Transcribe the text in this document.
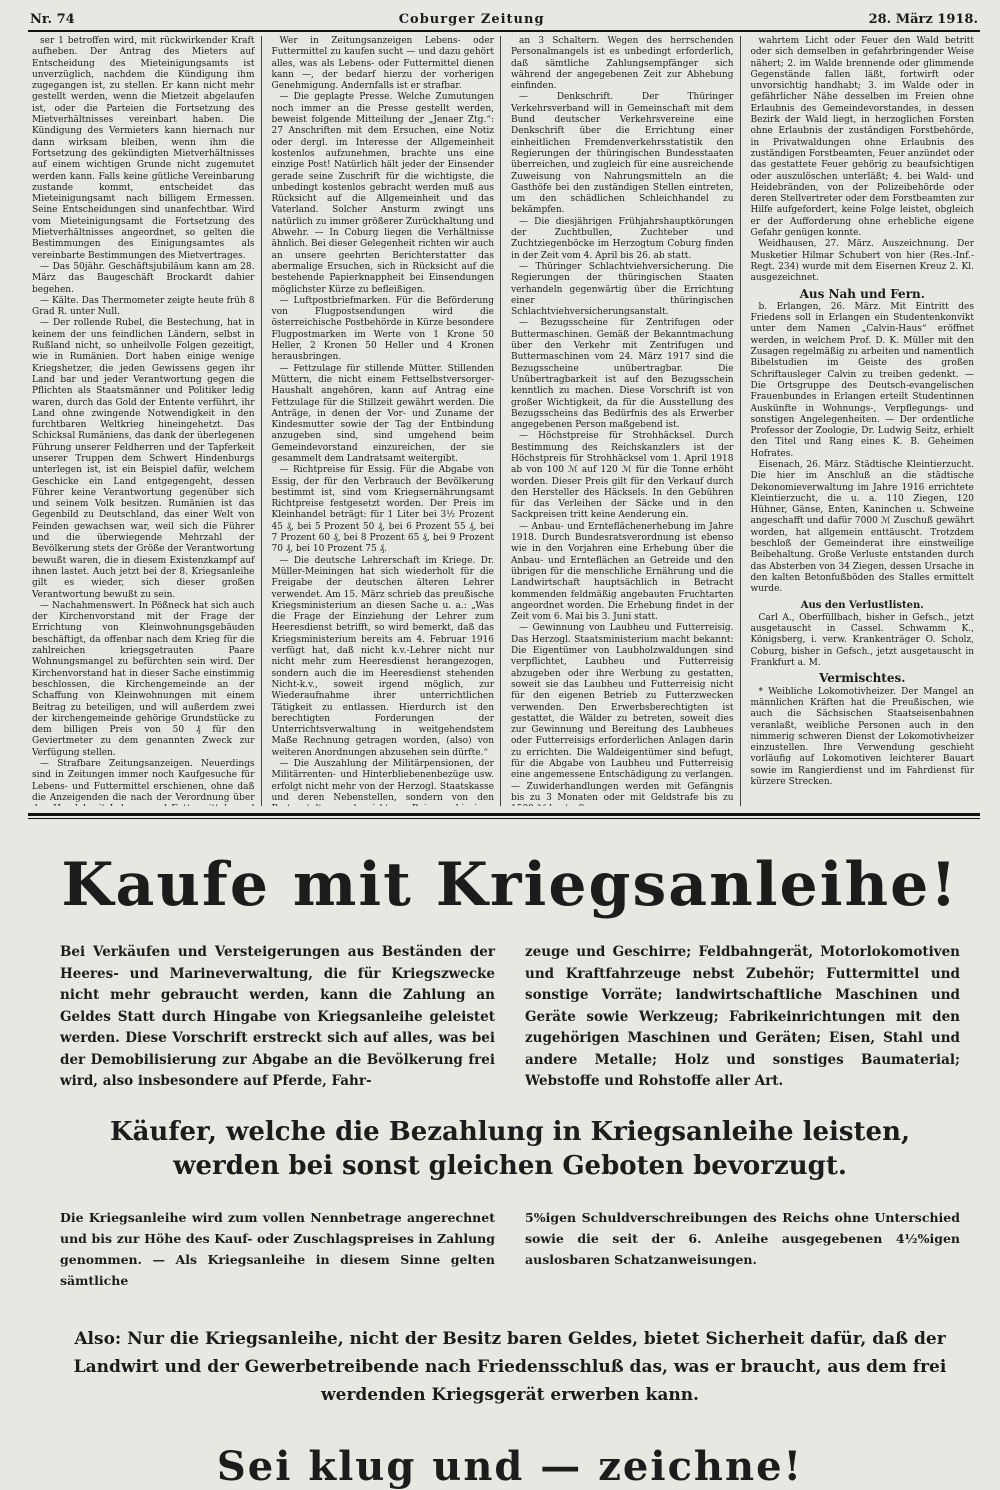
Nr. 74	Coburger Zeitung	28. März 1918.

ser 1 betroffen wird, mit rückwirkender Kraft aufheben. Der Antrag des Mieters auf Entscheidung des Mieteinigungsamts ist unverzüglich, nachdem die Kündigung ihm zugegangen ist, zu stellen. Er kann nicht mehr gestellt werden, wenn die Mietzeit abgelaufen ist, oder die Parteien die Fortsetzung des Mietverhältnisses vereinbart haben. Die Kündigung des Vermieters kann hiernach nur dann wirksam bleiben, wenn ihm die Fortsetzung des gekündigten Mietverhältnisses auf einem wichtigen Grunde nicht zugemutet werden kann. Falls keine gütliche Vereinbarung zustande kommt, entscheidet das Mieteinigungsamt nach billigem Ermessen. Seine Entscheidungen sind unanfechtbar. Wird vom Mieteinigungsamt die Fortsetzung des Mietverhältnisses angeordnet, so gelten die Bestimmungen des Einigungsamtes als vereinbarte Bestimmungen des Mietvertrages.

— Das 50jähr. Geschäftsjubiläum kann am 28. März das Baugeschäft Brockardt dahier begehen.

— Kälte. Das Thermometer zeigte heute früh 8 Grad R. unter Null.

— Der rollende Rubel, die Bestechung, hat in keinem der uns feindlichen Ländern, selbst in Rußland nicht, so unheilvolle Folgen gezeitigt, wie in Rumänien. Dort haben einige wenige Kriegshetzer, die jeden Gewissens gegen ihr Land bar und jeder Verantwortung gegen die Pflichten als Staatsmänner und Politiker ledig waren, durch das Gold der Entente verführt, ihr Land ohne zwingende Notwendigkeit in den furchtbaren Weltkrieg hineingehetzt. Das Schicksal Rumäniens, das dank der überlegenen Führung unserer Feldherren und der Tapferkeit unserer Truppen dem Schwert Hindenburgs unterlegen ist, ist ein Beispiel dafür, welchem Geschicke ein Land entgegengeht, dessen Führer keine Verantwortung gegenüber sich und seinem Volk besitzen. Rumänien ist das Gegenbild zu Deutschland, das einer Welt von Feinden gewachsen war, weil sich die Führer und die überwiegende Mehrzahl der Bevölkerung stets der Größe der Verantwortung bewußt waren, die in diesem Existenzkampf auf ihnen lastet. Auch jetzt bei der 8. Kriegsanleihe gilt es wieder, sich dieser großen Verantwortung bewußt zu sein.

— Nachahmenswert. In Pößneck hat sich auch der Kirchenvorstand mit der Frage der Errichtung von Kleinwohnungsgebäuden beschäftigt, da offenbar nach dem Krieg für die zahlreichen kriegsgetrauten Paare Wohnungsmangel zu befürchten sein wird. Der Kirchenvorstand hat in dieser Sache einstimmig beschlossen, die Kirchengemeinde an der Schaffung von Kleinwohnungen mit einem Beitrag zu beteiligen, und will außerdem zwei der kirchengemeinde gehörige Grundstücke zu dem billigen Preis von 50 ₰ für den Geviertmeter zu dem genannten Zweck zur Verfügung stellen.

— Strafbare Zeitungsanzeigen. Neuerdings sind in Zeitungen immer noch Kaufgesuche für Lebens- und Futtermittel erschienen, ohne daß die Anzeigenden die nach der Verordnung über

Wer in Zeitungsanzeigen Lebens- oder Futtermittel zu kaufen sucht — und dazu gehört alles, was als Lebens- oder Futtermittel dienen kann —, der bedarf hierzu der vorherigen Genehmigung. Andernfalls ist er strafbar.

— Die geplagte Presse. Welche Zumutungen noch immer an die Presse gestellt werden, beweist folgende Mitteilung der „Jenaer Ztg.“: 27 Anschriften mit dem Ersuchen, eine Notiz oder dergl. im Interesse der Allgemeinheit kostenlos aufzunehmen, brachte uns eine einzige Post! Natürlich hält jeder der Einsender gerade seine Zuschrift für die wichtigste, die unbedingt kostenlos gebracht werden muß aus Rücksicht auf die Allgemeinheit und das Vaterland. Solcher Ansturm zwingt uns natürlich zu immer größerer Zurückhaltung und Abwehr. — In Coburg liegen die Verhältnisse ähnlich. Bei dieser Gelegenheit richten wir auch an unsere geehrten Berichterstatter das abermalige Ersuchen, sich in Rücksicht auf die bestehende Papierknappheit bei Einsendungen möglichster Kürze zu befleißigen.

— Luftpostbriefmarken. Für die Beförderung von Flugpostsendungen wird die österreichische Postbehörde in Kürze besondere Flugpostmarken im Werte von 1 Krone 50 Heller, 2 Kronen 50 Heller und 4 Kronen herausbringen.

— Fettzulage für stillende Mütter. Stillenden Müttern, die nicht einem Fettselbstversorger-Haushalt angehören, kann auf Antrag eine Fettzulage für die Stillzeit gewährt werden. Die Anträge, in denen der Vor- und Zuname der Kindesmutter sowie der Tag der Entbindung anzugeben sind, sind umgehend beim Gemeindevorstand einzureichen, der sie gesammelt dem Landratsamt weitergibt.

— Richtpreise für Essig. Für die Abgabe von Essig, der für den Verbrauch der Bevölkerung bestimmt ist, sind vom Kriegsernährungsamt Richtpreise festgesetzt worden. Der Preis im Kleinhandel beträgt: für 1 Liter bei 3½ Prozent 45 ₰, bei 5 Prozent 50 ₰, bei 6 Prozent 55 ₰, bei 7 Prozent 60 ₰, bei 8 Prozent 65 ₰, bei 9 Prozent 70 ₰, bei 10 Prozent 75 ₰.

— Die deutsche Lehrerschaft im Kriege. Dr. Müller-Meiningen hat sich wiederholt für die Freigabe der deutschen älteren Lehrer verwendet. Am 15. März schrieb das preußische Kriegsministerium an diesen Sache u. a.: „Was die Frage der Einziehung der Lehrer zum Heeresdienst betrifft, so wird bemerkt, daß das Kriegsministerium bereits am 4. Februar 1916 verfügt hat, daß nicht k.v.-Lehrer nicht nur nicht mehr zum Heeresdienst herangezogen, sondern auch die im Heeresdienst stehenden Nicht-k.v., soweit irgend möglich, zur Wiederaufnahme ihrer unterrichtlichen Tätigkeit zu entlassen. Hierdurch ist den berechtigten Forderungen der Unterrichtsverwaltung in weitgehendstem Maße Rechnung getragen worden, (also) von weiteren Anordnungen abzusehen sein dürfte.“

— Die Auszahlung der Militärpensionen, der Militärrenten- und Hinterbliebenenbezüge usw. erfolgt nicht mehr von der Herzogl. Staatskasse und deren Nebenstellen, sondern von den

an 3 Schaltern. Wegen des herrschenden Personalmangels ist es unbedingt erforderlich, daß sämtliche Zahlungsempfänger sich während der angegebenen Zeit zur Abhebung einfinden.

— Denkschrift. Der Thüringer Verkehrsverband will in Gemeinschaft mit dem Bund deutscher Verkehrsvereine eine Denkschrift über die Errichtung einer einheitlichen Fremdenverkehrsstatistik den Regierungen der thüringischen Bundesstaaten überreichen, und zugleich für eine ausreichende Zuweisung von Nahrungsmitteln an die Gasthöfe bei den zuständigen Stellen eintreten, um den schädlichen Schleichhandel zu bekämpfen.

— Die diesjährigen Frühjahrshauptkörungen der Zuchtbullen, Zuchteber und Zuchtziegenböcke im Herzogtum Coburg finden in der Zeit vom 4. April bis 26. ab statt.

— Thüringer Schlachtviehversicherung. Die Regierungen der thüringischen Staaten verhandeln gegenwärtig über die Errichtung einer thüringischen Schlachtviehversicherungsanstalt.

— Bezugsscheine für Zentrifugen oder Buttermaschinen. Gemäß der Bekanntmachung über den Verkehr mit Zentrifugen und Buttermaschinen vom 24. März 1917 sind die Bezugsscheine unübertragbar. Die Unübertragbarkeit ist auf den Bezugsschein kenntlich zu machen. Diese Vorschrift ist von großer Wichtigkeit, da für die Ausstellung des Bezugsscheins das Bedürfnis des als Erwerber angegebenen Person maßgebend ist.

— Höchstpreise für Strohhäcksel. Durch Bestimmung des Reichskanzlers ist der Höchstpreis für Strohhäcksel vom 1. April 1918 ab von 100 ℳ auf 120 ℳ für die Tonne erhöht worden. Dieser Preis gilt für den Verkauf durch den Hersteller des Häcksels. In den Gebühren für das Verleihen der Säcke und in den Sackpreisen tritt keine Aenderung ein.

— Anbau- und Ernteflächenerhebung im Jahre 1918. Durch Bundesratsverordnung ist ebenso wie in den Vorjahren eine Erhebung über die Anbau- und Ernteflächen an Getreide und den übrigen für die menschliche Ernährung und die Landwirtschaft hauptsächlich in Betracht kommenden feldmäßig angebauten Fruchtarten angeordnet worden. Die Erhebung findet in der Zeit vom 6. Mai bis 3. Juni statt.

— Gewinnung von Laubheu und Futterreisig. Das Herzogl. Staatsministerium macht bekannt: Die Eigentümer von Laubholzwaldungen sind verpflichtet, Laubheu und Futterreisig abzugeben oder ihre Werbung zu gestatten, soweit sie das Laubheu und Futterreisig nicht für den eigenen Betrieb zu Futterzwecken verwenden. Den Erwerbsberechtigten ist gestattet, die Wälder zu betreten, soweit dies zur Gewinnung und Bereitung des Laubheues oder Futterreisigs erforderlichen Anlagen darin zu errichten. Die Waldeigentümer sind befugt, für die Abgabe von Laubheu und Futterreisig eine angemessene Entschädigung zu verlangen. — Zuwiderhandlungen werden mit Gefängnis bis zu 3 Monaten oder mit Geldstrafe bis zu

wahrtem Licht oder Feuer den Wald betritt oder sich demselben in gefahrbringender Weise nähert; 2. im Walde brennende oder glimmende Gegenstände fallen läßt, fortwirft oder unvorsichtig handhabt; 3. im Walde oder in gefährlicher Nähe desselben im Freien ohne Erlaubnis des Gemeindevorstandes, in dessen Bezirk der Wald liegt, in herzoglichen Forsten ohne Erlaubnis der zuständigen Forstbehörde, in Privatwaldungen ohne Erlaubnis des zuständigen Forstbeamten, Feuer anzündet oder das gestattete Feuer gehörig zu beaufsichtigen oder auszulöschen unterläßt; 4. bei Wald- und Heidebränden, von der Polizeibehörde oder deren Stellvertreter oder dem Forstbeamten zur Hilfe aufgefordert, keine Folge leistet, obgleich er der Aufforderung ohne erhebliche eigene Gefahr genügen konnte.

Weidhausen, 27. März. Auszeichnung. Der Musketier Hilmar Schubert von hier (Res.-Inf.-Regt. 234) wurde mit dem Eisernen Kreuz 2. Kl. ausgezeichnet.

Aus Nah und Fern.

b. Erlangen, 26. März. Mit Eintritt des Friedens soll in Erlangen ein Studentenkonvikt unter dem Namen „Calvin-Haus“ eröffnet werden, in welchem Prof. D. K. Müller mit den Zusagen regelmäßig zu arbeiten und namentlich Bibelstudien im Geiste des großen Schriftausleger Calvin zu treiben gedenkt. — Die Ortsgruppe des Deutsch-evangelischen Frauenbundes in Erlangen erteilt Studentinnen Auskünfte in Wohnungs-, Verpflegungs- und sonstigen Angelegenheiten. — Der ordentliche Professor der Zoologie, Dr. Ludwig Seitz, erhielt den Titel und Rang eines K. B. Geheimen Hofrates.

Eisenach, 26. März. Städtische Kleintierzucht. Die hier im Anschluß an die städtische Dekonomieverwaltung im Jahre 1916 errichtete Kleintierzucht, die u. a. 110 Ziegen, 120 Hühner, Gänse, Enten, Kaninchen u. Schweine angeschafft und dafür 7000 ℳ Zuschuß gewährt worden, hat allgemein enttäuscht. Trotzdem beschloß der Gemeinderat ihre einstweilige Beibehaltung. Große Verluste entstanden durch das Absterben von 34 Ziegen, dessen Ursache in den kalten Betonfußböden des Stalles ermittelt wurde.

Aus den Verlustlisten.

Carl A., Oberfüllbach, bisher in Gefsch., jetzt ausgetauscht in Cassel. Schwamm K., Königsberg, i. verw. Krankenträger O. Scholz, Coburg, bisher in Gefsch., jetzt ausgetauscht in Frankfurt a. M.

Vermischtes.

* Weibliche Lokomotivheizer. Der Mangel an männlichen Kräften hat die Preußischen, wie auch die Sächsischen Staatseisenbahnen veranlaßt, weibliche Personen auch in den nimmerig schweren Dienst der Lokomotivheizer einzustellen. Ihre Verwendung geschieht vorläufig auf Lokomotiven leichterer Bauart sowie im Rangierdienst und im Fahrdienst für kürzere Strecken.

Kaufe mit Kriegsanleihe!
Bei Verkäufen und Versteigerungen aus Beständen der Heeres- und Marineverwaltung, die für Kriegszwecke nicht mehr gebraucht werden, kann die Zahlung an Geldes Statt durch Hingabe von Kriegsanleihe geleistet werden. Diese Vorschrift erstreckt sich auf alles, was bei der Demobilisierung zur Abgabe an die Bevölkerung frei wird, also insbesondere auf Pferde, Fahr-
zeuge und Geschirre; Feldbahngerät, Motorlokomotiven und Kraftfahrzeuge nebst Zubehör; Futtermittel und sonstige Vorräte; landwirtschaftliche Maschinen und Geräte sowie Werkzeug; Fabrikeinrichtungen mit den zugehörigen Maschinen und Geräten; Eisen, Stahl und andere Metalle; Holz und sonstiges Baumaterial; Webstoffe und Rohstoffe aller Art.
Käufer, welche die Bezahlung in Kriegsanleihe leisten,
werden bei sonst gleichen Geboten bevorzugt.
Die Kriegsanleihe wird zum vollen Nennbetrage angerechnet und bis zur Höhe des Kauf- oder Zuschlagspreises in Zahlung genommen. — Als Kriegsanleihe in diesem Sinne gelten sämtliche
5%igen Schuldverschreibungen des Reichs ohne Unterschied sowie die seit der 6. Anleihe ausgegebenen 4½%igen auslosbaren Schatzanweisungen.
Also: Nur die Kriegsanleihe, nicht der Besitz baren Geldes, bietet Sicherheit dafür, daß der Landwirt und der Gewerbetreibende nach Friedensschluß das, was er braucht, aus dem frei werdenden Kriegsgerät erwerben kann.
Sei klug und — zeichne!
